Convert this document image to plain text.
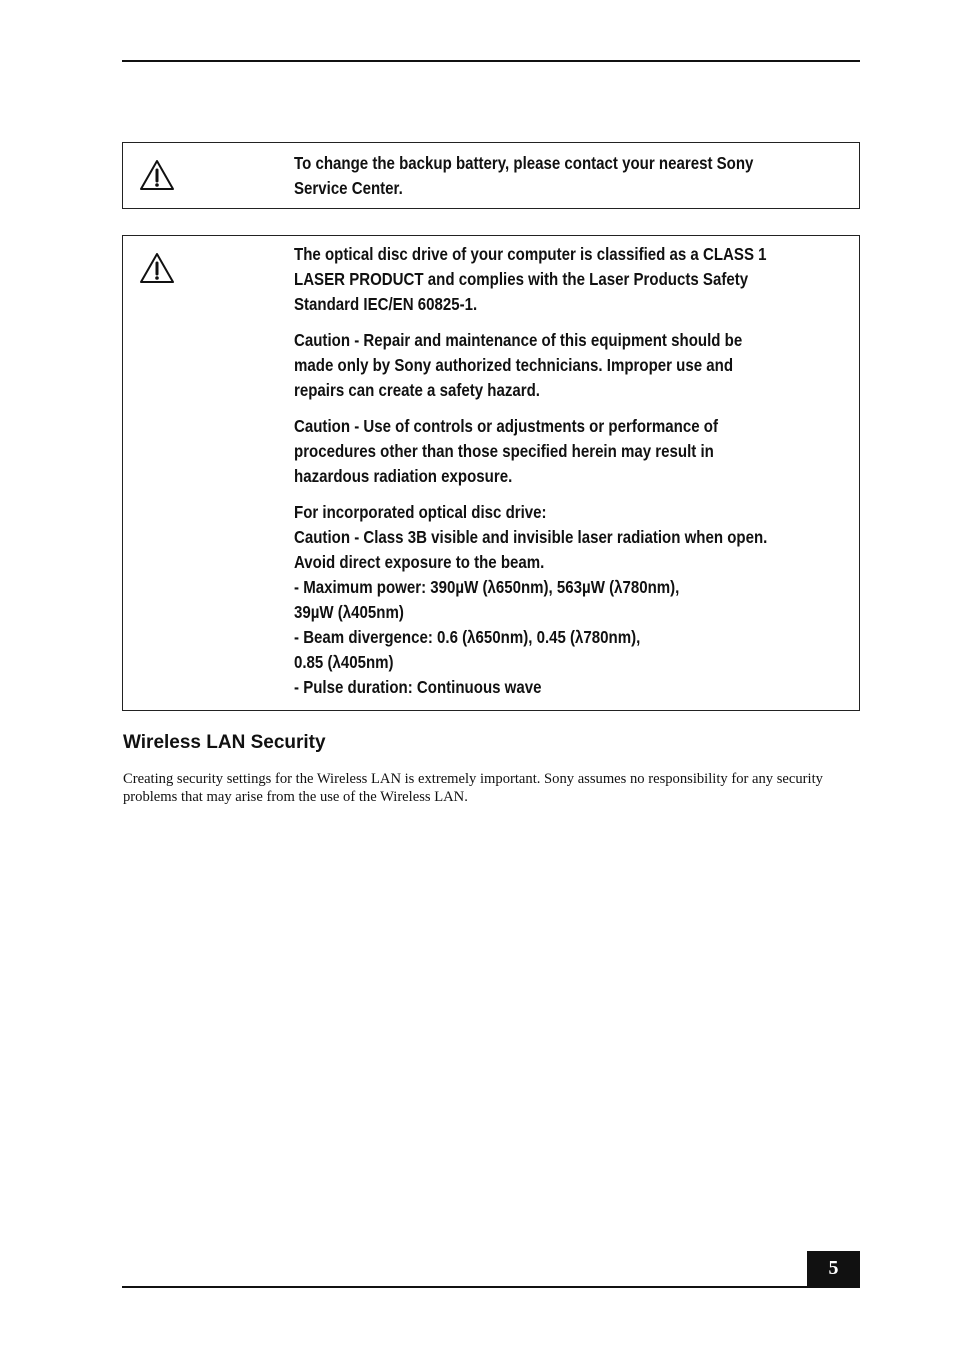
To change the backup battery, please contact your nearest Sony
Service Center.

The optical disc drive of your computer is classified as a CLASS 1
LASER PRODUCT and complies with the Laser Products Safety
Standard IEC/EN 60825-1.

Caution - Repair and maintenance of this equipment should be
made only by Sony authorized technicians. Improper use and
repairs can create a safety hazard.

Caution - Use of controls or adjustments or performance of
procedures other than those specified herein may result in
hazardous radiation exposure.

For incorporated optical disc drive:
Caution - Class 3B visible and invisible laser radiation when open.
Avoid direct exposure to the beam.
- Maximum power: 390µW (λ650nm), 563µW (λ780nm),
39µW (λ405nm)
- Beam divergence: 0.6 (λ650nm), 0.45 (λ780nm),
0.85 (λ405nm)
- Pulse duration: Continuous wave

Wireless LAN Security

Creating security settings for the Wireless LAN is extremely important. Sony assumes no responsibility for any security problems that may arise from the use of the Wireless LAN.

5
